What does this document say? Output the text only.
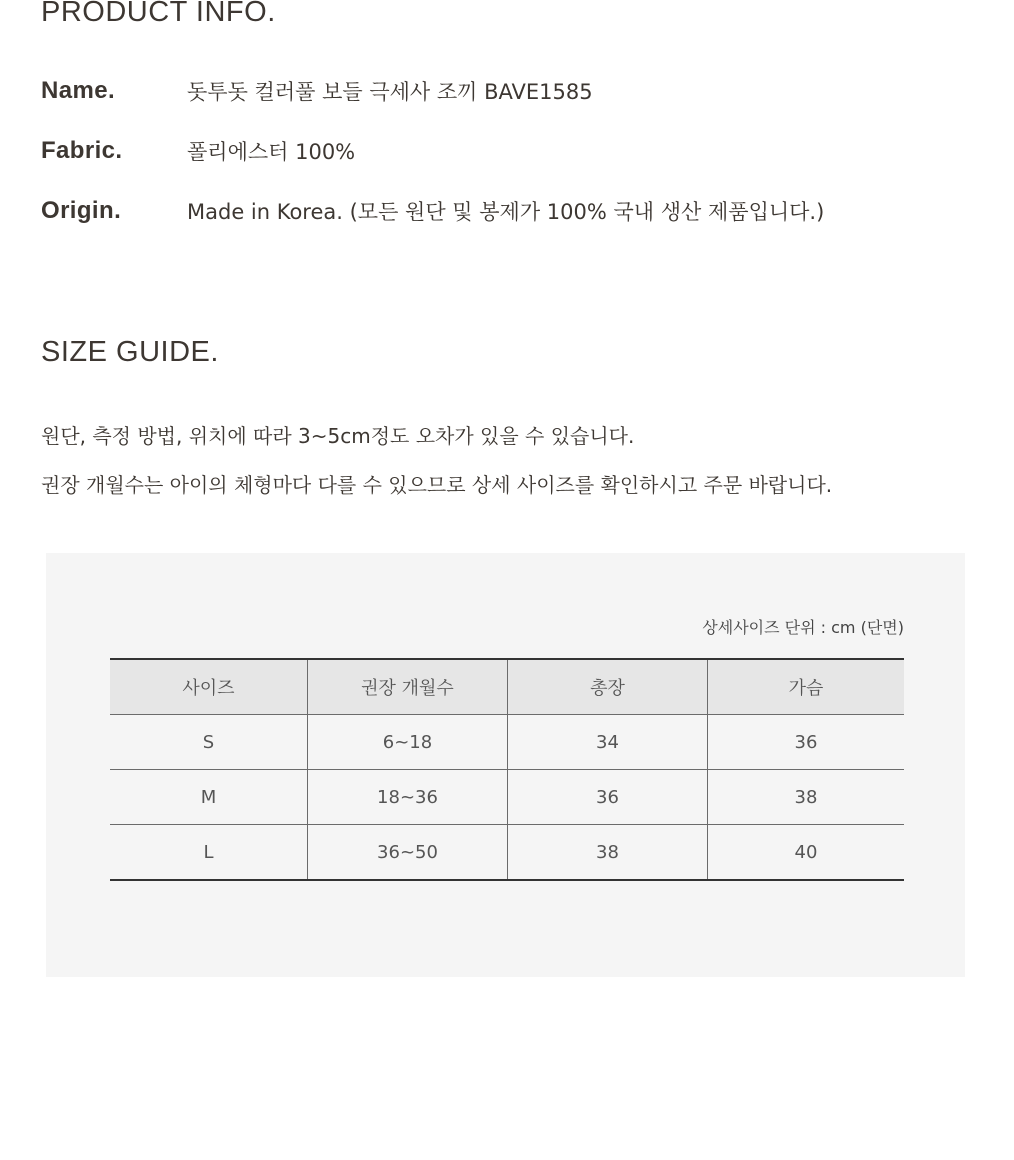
PRODUCT INFO.
Name.	돗투돗 컬러풀 보들 극세사 조끼 BAVE1585
Fabric.	폴리에스터 100%
Origin.	Made in Korea. (모든 원단 및 봉제가 100% 국내 생산 제품입니다.)
SIZE GUIDE.

원단, 측정 방법, 위치에 따라 3~5cm정도 오차가 있을 수 있습니다.

권장 개월수는 아이의 체형마다 다를 수 있으므로 상세 사이즈를 확인하시고 주문 바랍니다.

상세사이즈 단위 : cm (단면)
사이즈	권장 개월수	총장	가슴
S	6~18	34	36
M	18~36	36	38
L	36~50	38	40
